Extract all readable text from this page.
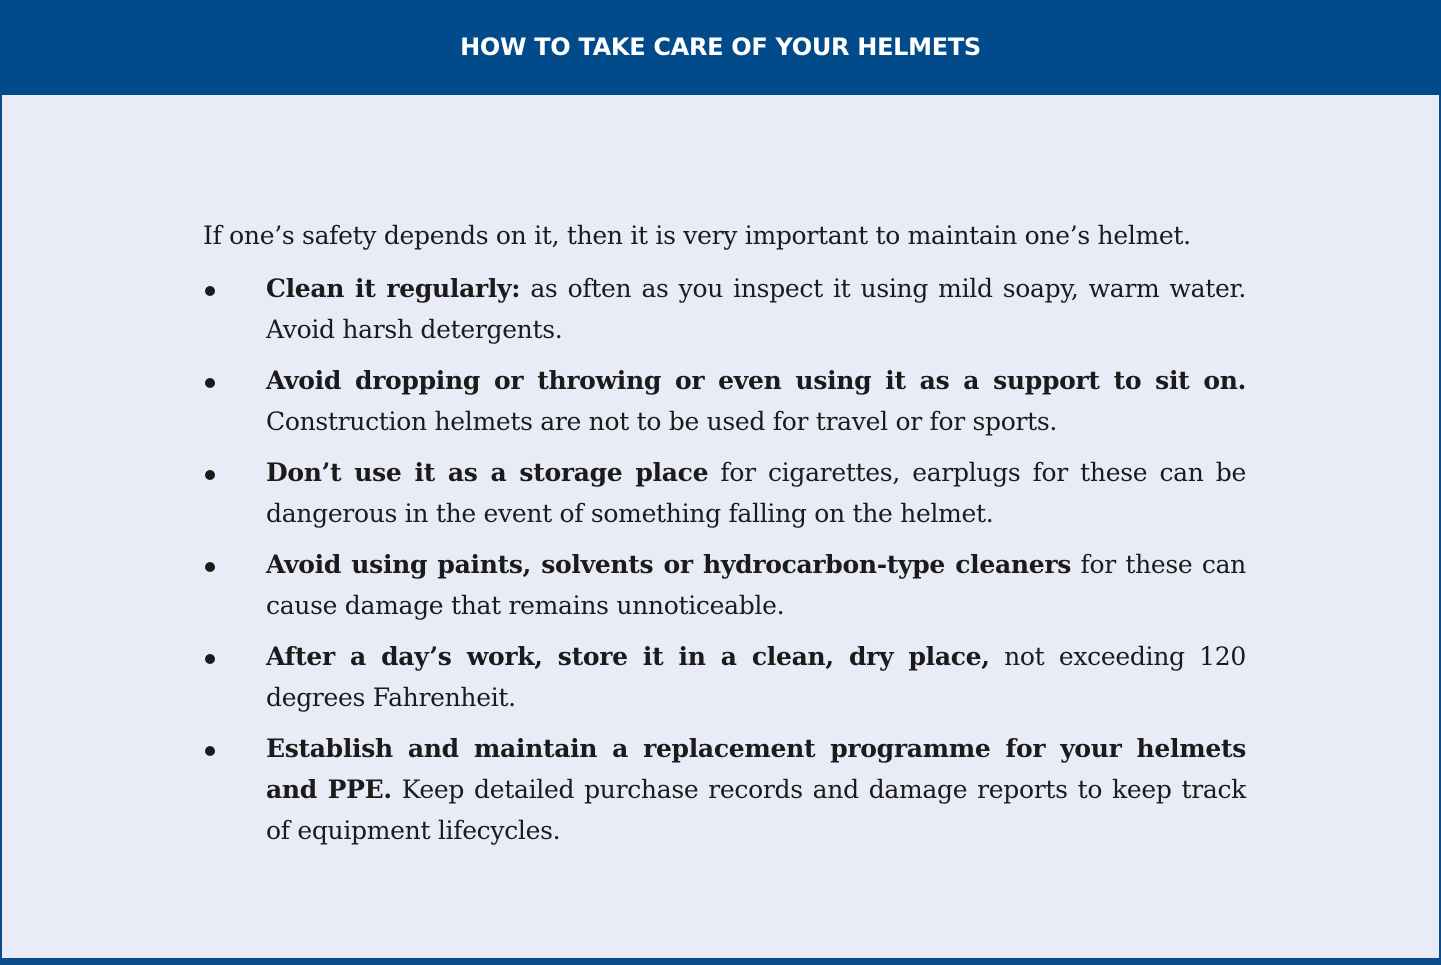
HOW TO TAKE CARE OF YOUR HELMETS

If one’s safety depends on it, then it is very important to maintain one’s helmet.

Clean it regularly: as often as you inspect it using mild soapy, warm water. Avoid harsh detergents.
Avoid dropping or throwing or even using it as a support to sit on. Construction helmets are not to be used for travel or for sports.
Don’t use it as a storage place for cigarettes, earplugs for these can be dangerous in the event of something falling on the helmet.
Avoid using paints, solvents or hydrocarbon-type cleaners for these can cause damage that remains unnoticeable.
After a day’s work, store it in a clean, dry place, not exceeding 120 degrees Fahrenheit.
Establish and maintain a replacement programme for your helmets and PPE. Keep detailed purchase records and damage reports to keep track of equipment lifecycles.
